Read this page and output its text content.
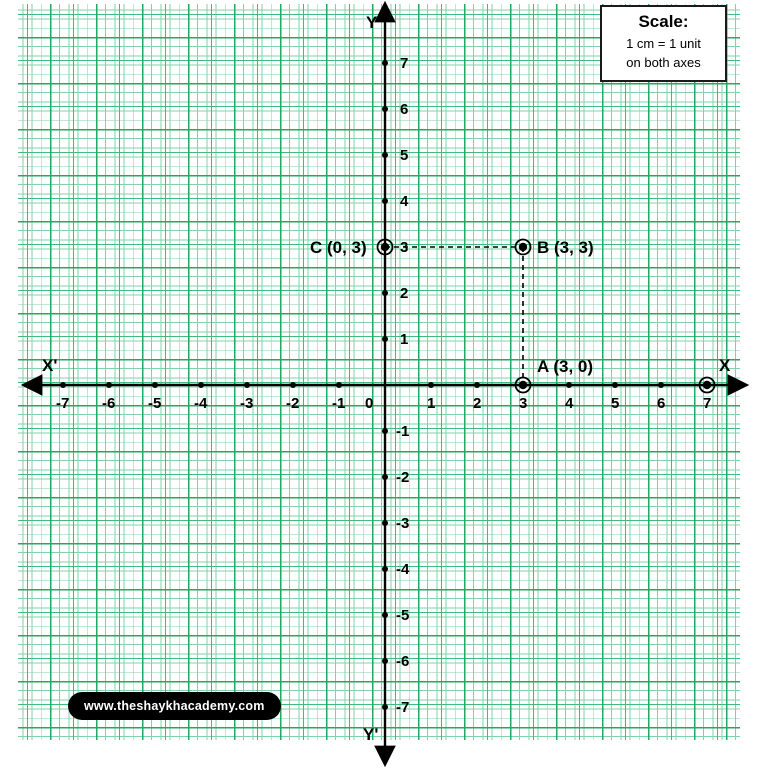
X'	X
Y
Y'
-7 -6 -5 -4 -3 -2 -1 0	1	2	3	4	5	6	7
7
6
5
4
3
2
1
-1
-2
-3
-4
-5
-6
-7
C (0, 3)	B (3, 3)
A (3, 0)
Scale:
1 cm = 1 unit
on both axes
www.theshaykhacademy.com
